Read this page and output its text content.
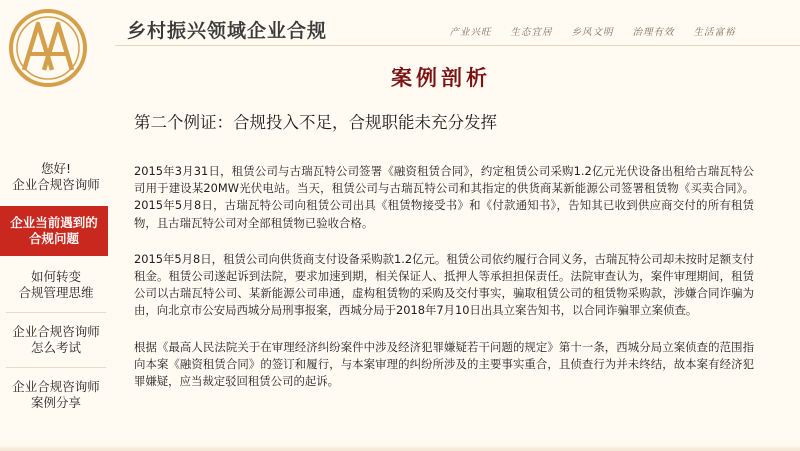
乡村振兴领域企业合规	产业兴旺	生态宜居	乡风文明	治理有效	生活富裕
案例剖析
第二个例证：合规投入不足，合规职能未充分发挥
您好!
企业合规咨询师
企业当前遇到的
合规问题
如何转变
合规管理思维
企业合规咨询师
怎么考试
企业合规咨询师
案例分享

2015年3月31日，租赁公司与古瑞瓦特公司签署《融资租赁合同》，约定租赁公司采购1.2亿元光伏设备出租给古瑞瓦特公司用于建设某20MW光伏电站。当天，租赁公司与古瑞瓦特公司和其指定的供货商某新能源公司签署租赁物《买卖合同》。2015年5月8日，古瑞瓦特公司向租赁公司出具《租赁物接受书》和《付款通知书》，告知其已收到供应商交付的所有租赁物，且古瑞瓦特公司对全部租赁物已验收合格。

2015年5月8日，租赁公司向供货商支付设备采购款1.2亿元。租赁公司依约履行合同义务，古瑞瓦特公司却未按时足额支付租金。租赁公司遂起诉到法院，要求加速到期，相关保证人、抵押人等承担担保责任。法院审查认为，案件审理期间，租赁公司以古瑞瓦特公司、某新能源公司串通，虚构租赁物的采购及交付事实，骗取租赁公司的租赁物采购款，涉嫌合同诈骗为由，向北京市公安局西城分局刑事报案，西城分局于2018年7月10日出具立案告知书，以合同诈骗罪立案侦查。

根据《最高人民法院关于在审理经济纠纷案件中涉及经济犯罪嫌疑若干问题的规定》第十一条，西城分局立案侦查的范围指向本案《融资租赁合同》的签订和履行，与本案审理的纠纷所涉及的主要事实重合，且侦查行为并未终结，故本案有经济犯罪嫌疑，应当裁定驳回租赁公司的起诉。
